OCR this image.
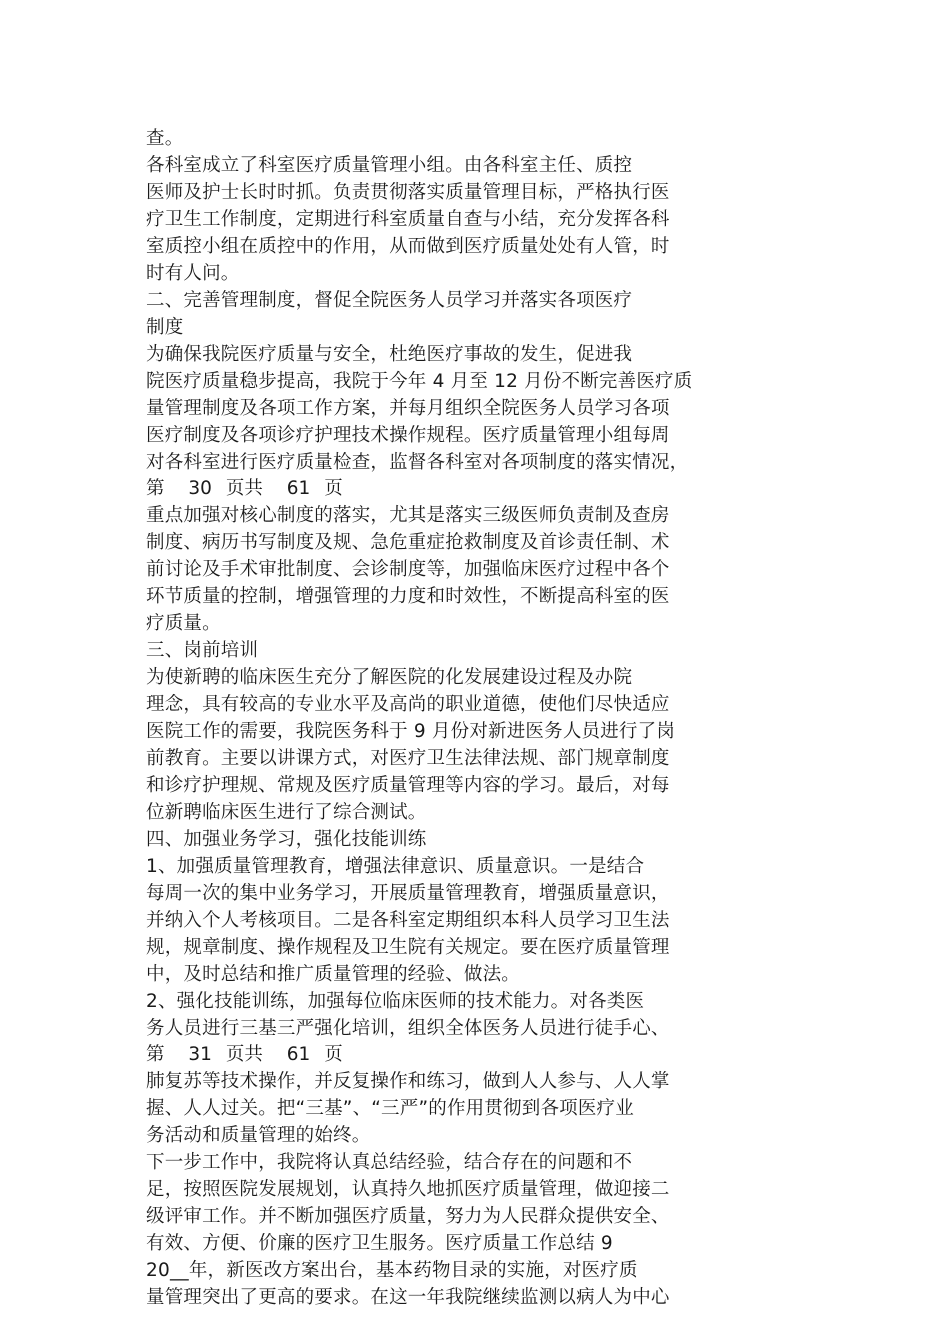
查。
各科室成立了科室医疗质量管理小组。由各科室主任、质控
医师及护士长时时抓。负责贯彻落实质量管理目标，严格执行医
疗卫生工作制度，定期进行科室质量自查与小结，充分发挥各科
室质控小组在质控中的作用，从而做到医疗质量处处有人管，时
时有人问。
二、完善管理制度，督促全院医务人员学习并落实各项医疗
制度
为确保我院医疗质量与安全，杜绝医疗事故的发生，促进我
院医疗质量稳步提高，我院于今年 4 月至 12 月份不断完善医疗质
量管理制度及各项工作方案，并每月组织全院医务人员学习各项
医疗制度及各项诊疗护理技术操作规程。医疗质量管理小组每周
对各科室进行医疗质量检查，监督各科室对各项制度的落实情况，
第 30 页共 61 页
重点加强对核心制度的落实，尤其是落实三级医师负责制及查房
制度、病历书写制度及规、急危重症抢救制度及首诊责任制、术
前讨论及手术审批制度、会诊制度等，加强临床医疗过程中各个
环节质量的控制，增强管理的力度和时效性，不断提高科室的医
疗质量。
三、岗前培训
为使新聘的临床医生充分了解医院的化发展建设过程及办院
理念，具有较高的专业水平及高尚的职业道德，使他们尽快适应
医院工作的需要，我院医务科于 9 月份对新进医务人员进行了岗
前教育。主要以讲课方式，对医疗卫生法律法规、部门规章制度
和诊疗护理规、常规及医疗质量管理等内容的学习。最后，对每
位新聘临床医生进行了综合测试。
四、加强业务学习，强化技能训练
1、加强质量管理教育，增强法律意识、质量意识。一是结合
每周一次的集中业务学习，开展质量管理教育，增强质量意识，
并纳入个人考核项目。二是各科室定期组织本科人员学习卫生法
规，规章制度、操作规程及卫生院有关规定。要在医疗质量管理
中，及时总结和推广质量管理的经验、做法。
2、强化技能训练，加强每位临床医师的技术能力。对各类医
务人员进行三基三严强化培训，组织全体医务人员进行徒手心、
第 31 页共 61 页
肺复苏等技术操作，并反复操作和练习，做到人人参与、人人掌
握、人人过关。把“三基”、“三严”的作用贯彻到各项医疗业
务活动和质量管理的始终。
下一步工作中，我院将认真总结经验，结合存在的问题和不
足，按照医院发展规划，认真持久地抓医疗质量管理，做迎接二
级评审工作。并不断加强医疗质量，努力为人民群众提供安全、
有效、方便、价廉的医疗卫生服务。医疗质量工作总结 9
20__年，新医改方案出台，基本药物目录的实施，对医疗质
量管理突出了更高的要求。在这一年我院继续监测以病人为中心
